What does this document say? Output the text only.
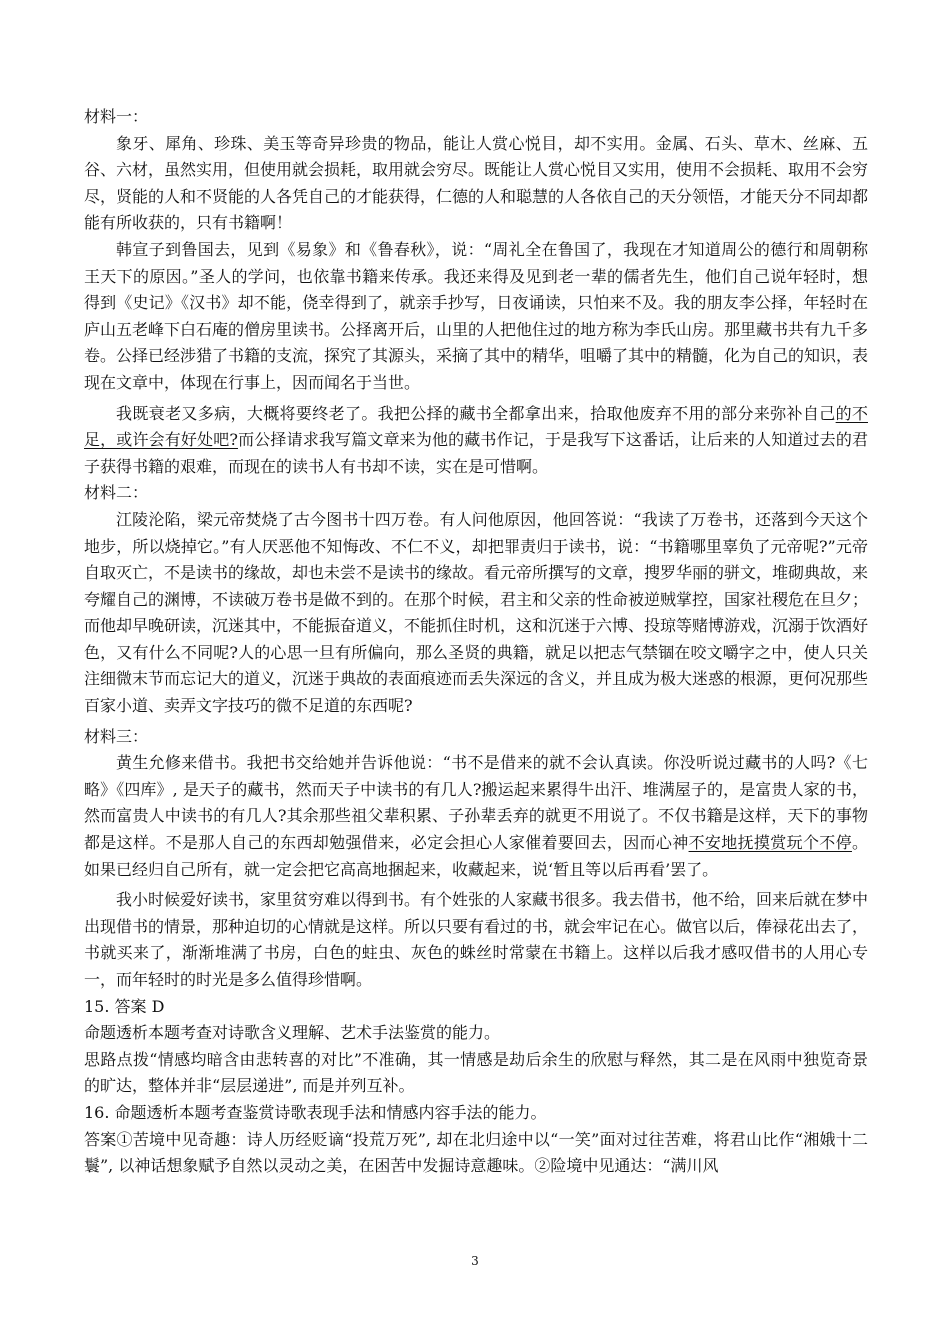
材料一：

象牙、犀角、珍珠、美玉等奇异珍贵的物品，能让人赏心悦目，却不实用。金属、石头、草木、丝麻、五谷、六材，虽然实用，但使用就会损耗，取用就会穷尽。既能让人赏心悦目又实用，使用不会损耗、取用不会穷尽，贤能的人和不贤能的人各凭自己的才能获得，仁德的人和聪慧的人各依自己的天分领悟，才能天分不同却都能有所收获的，只有书籍啊！

韩宣子到鲁国去，见到《易象》和《鲁春秋》，说：“周礼全在鲁国了，我现在才知道周公的德行和周朝称王天下的原因。”圣人的学问，也依靠书籍来传承。我还来得及见到老一辈的儒者先生，他们自己说年轻时，想得到《史记》《汉书》却不能，侥幸得到了，就亲手抄写，日夜诵读，只怕来不及。我的朋友李公择，年轻时在庐山五老峰下白石庵的僧房里读书。公择离开后，山里的人把他住过的地方称为李氏山房。那里藏书共有九千多卷。公择已经涉猎了书籍的支流，探究了其源头，采摘了其中的精华，咀嚼了其中的精髓，化为自己的知识，表现在文章中，体现在行事上，因而闻名于当世。

我既衰老又多病，大概将要终老了。我把公择的藏书全都拿出来，拾取他废弃不用的部分来弥补自己的不足，或许会有好处吧?而公择请求我写篇文章来为他的藏书作记，于是我写下这番话，让后来的人知道过去的君子获得书籍的艰难，而现在的读书人有书却不读，实在是可惜啊。

材料二：

江陵沦陷，梁元帝焚烧了古今图书十四万卷。有人问他原因，他回答说：“我读了万卷书，还落到今天这个地步，所以烧掉它。”有人厌恶他不知悔改、不仁不义，却把罪责归于读书，说：“书籍哪里辜负了元帝呢?”元帝自取灭亡，不是读书的缘故，却也未尝不是读书的缘故。看元帝所撰写的文章，搜罗华丽的骈文，堆砌典故，来夸耀自己的渊博，不读破万卷书是做不到的。在那个时候，君主和父亲的性命被逆贼掌控，国家社稷危在旦夕；而他却早晚研读，沉迷其中，不能振奋道义，不能抓住时机，这和沉迷于六博、投琼等赌博游戏，沉溺于饮酒好色，又有什么不同呢?人的心思一旦有所偏向，那么圣贤的典籍，就足以把志气禁锢在咬文嚼字之中，使人只关注细微末节而忘记大的道义，沉迷于典故的表面痕迹而丢失深远的含义，并且成为极大迷惑的根源，更何况那些百家小道、卖弄文字技巧的微不足道的东西呢?

材料三：

黄生允修来借书。我把书交给她并告诉他说：“书不是借来的就不会认真读。你没听说过藏书的人吗?《七略》《四库》, 是天子的藏书，然而天子中读书的有几人?搬运起来累得牛出汗、堆满屋子的，是富贵人家的书，然而富贵人中读书的有几人?其余那些祖父辈积累、子孙辈丢弃的就更不用说了。不仅书籍是这样，天下的事物都是这样。不是那人自己的东西却勉强借来，必定会担心人家催着要回去，因而心神不安地抚摸赏玩个不停。如果已经归自己所有，就一定会把它高高地捆起来，收藏起来，说‘暂且等以后再看’罢了。

我小时候爱好读书，家里贫穷难以得到书。有个姓张的人家藏书很多。我去借书，他不给，回来后就在梦中出现借书的情景，那种迫切的心情就是这样。所以只要有看过的书，就会牢记在心。做官以后，俸禄花出去了，书就买来了，渐渐堆满了书房，白色的蛀虫、灰色的蛛丝时常蒙在书籍上。这样以后我才感叹借书的人用心专一，而年轻时的时光是多么值得珍惜啊。

15. 答案 D

命题透析本题考查对诗歌含义理解、艺术手法鉴赏的能力。

思路点拨“情感均暗含由悲转喜的对比”不准确，其一情感是劫后余生的欣慰与释然，其二是在风雨中独览奇景的旷达，整体并非“层层递进”, 而是并列互补。

16. 命题透析本题考查鉴赏诗歌表现手法和情感内容手法的能力。

答案①苦境中见奇趣：诗人历经贬谪“投荒万死”, 却在北归途中以“一笑”面对过往苦难，将君山比作“湘娥十二鬟”, 以神话想象赋予自然以灵动之美，在困苦中发掘诗意趣味。②险境中见通达：“满川风

3
